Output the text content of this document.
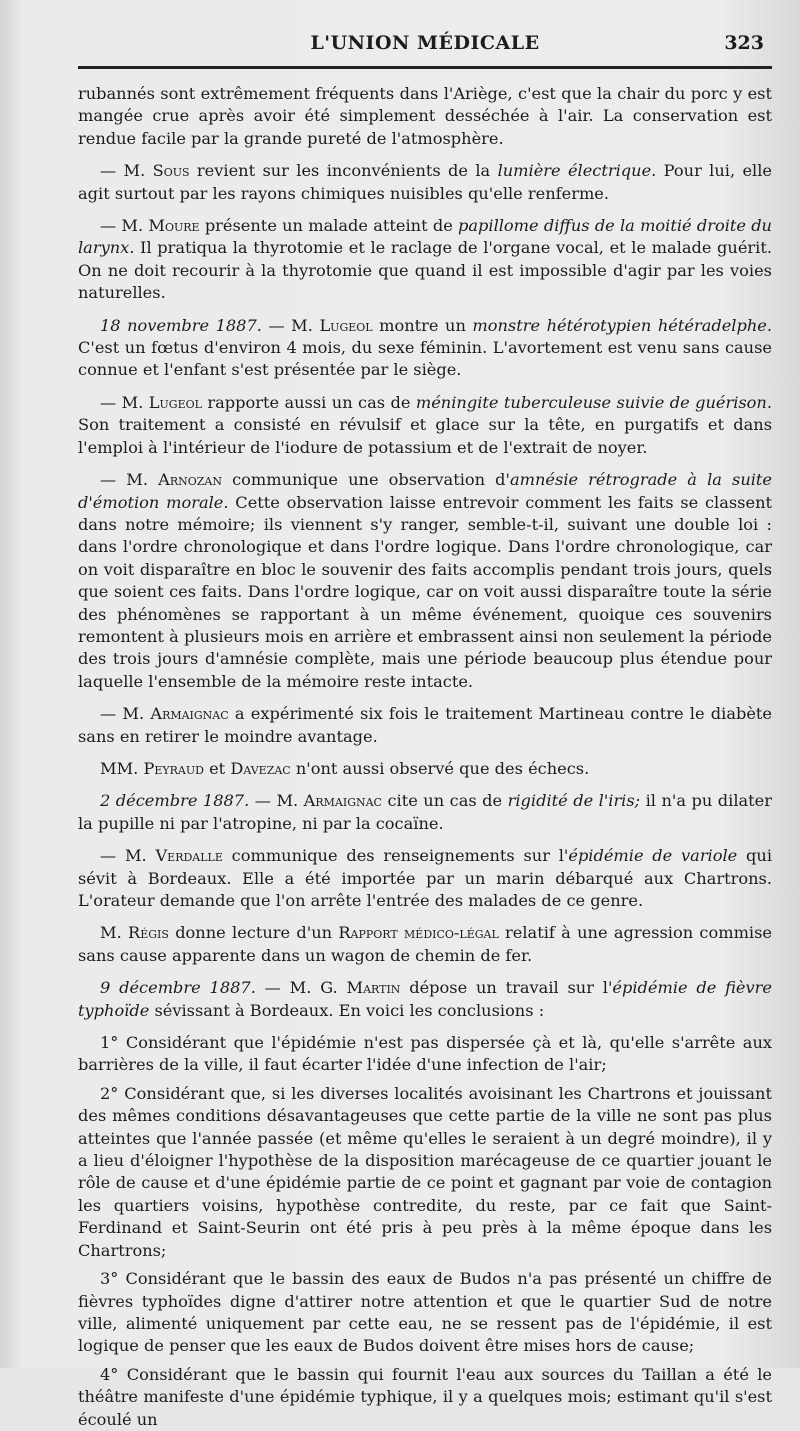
L'UNION MÉDICALE	323

rubannés sont extrêmement fréquents dans l'Ariège, c'est que la chair du porc y est mangée crue après avoir été simplement desséchée à l'air. La conservation est rendue facile par la grande pureté de l'atmosphère.

— M. Sous revient sur les inconvénients de la lumière électrique. Pour lui, elle agit surtout par les rayons chimiques nuisibles qu'elle renferme.

— M. Moure présente un malade atteint de papillome diffus de la moitié droite du larynx. Il pratiqua la thyrotomie et le raclage de l'organe vocal, et le malade guérit. On ne doit recourir à la thyrotomie que quand il est impossible d'agir par les voies naturelles.

18 novembre 1887. — M. Lugeol montre un monstre hétérotypien hétéradelphe. C'est un fœtus d'environ 4 mois, du sexe féminin. L'avortement est venu sans cause connue et l'enfant s'est présentée par le siège.

— M. Lugeol rapporte aussi un cas de méningite tuberculeuse suivie de guérison. Son traitement a consisté en révulsif et glace sur la tête, en purgatifs et dans l'emploi à l'intérieur de l'iodure de potassium et de l'extrait de noyer.

— M. Arnozan communique une observation d'amnésie rétrograde à la suite d'émotion morale. Cette observation laisse entrevoir comment les faits se classent dans notre mémoire; ils viennent s'y ranger, semble-t-il, suivant une double loi : dans l'ordre chronologique et dans l'ordre logique. Dans l'ordre chronologique, car on voit disparaître en bloc le souvenir des faits accomplis pendant trois jours, quels que soient ces faits. Dans l'ordre logique, car on voit aussi disparaître toute la série des phénomènes se rapportant à un même événement, quoique ces souvenirs remontent à plusieurs mois en arrière et embrassent ainsi non seulement la période des trois jours d'amnésie complète, mais une période beaucoup plus étendue pour laquelle l'ensemble de la mémoire reste intacte.

— M. Armaignac a expérimenté six fois le traitement Martineau contre le diabète sans en retirer le moindre avantage.

MM. Peyraud et Davezac n'ont aussi observé que des échecs.

2 décembre 1887. — M. Armaignac cite un cas de rigidité de l'iris; il n'a pu dilater la pupille ni par l'atropine, ni par la cocaïne.

— M. Verdalle communique des renseignements sur l'épidémie de variole qui sévit à Bordeaux. Elle a été importée par un marin débarqué aux Chartrons. L'orateur demande que l'on arrête l'entrée des malades de ce genre.

M. Régis donne lecture d'un Rapport médico-légal relatif à une agression commise sans cause apparente dans un wagon de chemin de fer.

9 décembre 1887. — M. G. Martin dépose un travail sur l'épidémie de fièvre typhoïde sévissant à Bordeaux. En voici les conclusions :

1° Considérant que l'épidémie n'est pas dispersée çà et là, qu'elle s'arrête aux barrières de la ville, il faut écarter l'idée d'une infection de l'air;

2° Considérant que, si les diverses localités avoisinant les Chartrons et jouissant des mêmes conditions désavantageuses que cette partie de la ville ne sont pas plus atteintes que l'année passée (et même qu'elles le seraient à un degré moindre), il y a lieu d'éloigner l'hypothèse de la disposition marécageuse de ce quartier jouant le rôle de cause et d'une épidémie partie de ce point et gagnant par voie de contagion les quartiers voisins, hypothèse contredite, du reste, par ce fait que Saint-Ferdinand et Saint-Seurin ont été pris à peu près à la même époque dans les Chartrons;

3° Considérant que le bassin des eaux de Budos n'a pas présenté un chiffre de fièvres typhoïdes digne d'attirer notre attention et que le quartier Sud de notre ville, alimenté uniquement par cette eau, ne se ressent pas de l'épidémie, il est logique de penser que les eaux de Budos doivent être mises hors de cause;

4° Considérant que le bassin qui fournit l'eau aux sources du Taillan a été le théâtre manifeste d'une épidémie typhique, il y a quelques mois; estimant qu'il s'est écoulé un
